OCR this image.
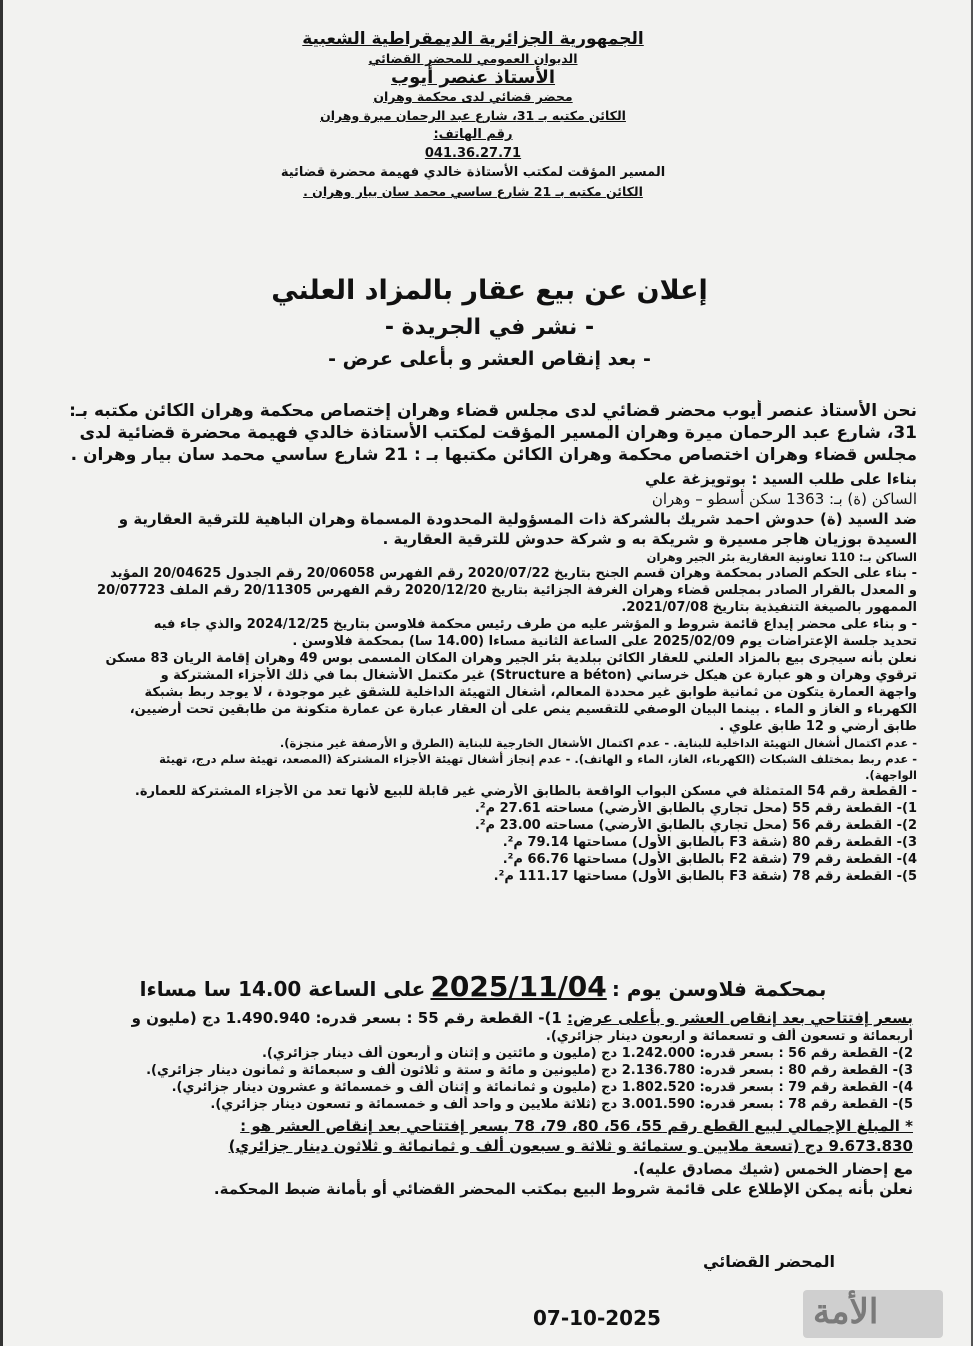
الجمهورية الجزائرية الديمقراطية الشعبية
الديوان العمومي للمحضر القضائي
الأستاذ عنصر أيوب
محضر قضائي لدى محكمة وهران
الكائن مكتبه بـ 31، شارع عبد الرحمان ميرة وهران
رقم الهاتف:
041.36.27.71
المسير المؤقت لمكتب الأستاذة خالدي فهيمة محضرة قضائية
الكائن مكتبه بـ 21 شارع ساسي محمد سان بيار وهران .
إعلان عن بيع عقار بالمزاد العلني
- نشر في الجريدة -
- بعد إنقاص العشر و بأعلى عرض -

نحن الأستاذ عنصر أيوب محضر قضائي لدى مجلس قضاء وهران إختصاص محكمة وهران الكائن مكتبه بـ:

31، شارع عبد الرحمان ميرة وهران المسير المؤقت لمكتب الأستاذة خالدي فهيمة محضرة قضائية لدى

مجلس قضاء وهران اختصاص محكمة وهران الكائن مكتبها بـ : 21 شارع ساسي محمد سان بيار وهران .

بناءا على طلب السيد : بوتويزغة علي

الساكن (ة) بـ: 1363 سكن أسطو – وهران

ضد السيد (ة) حدوش احمد شريك بالشركة ذات المسؤولية المحدودة المسماة وهران الباهية للترقية العقارية و

السيدة بوزيان هاجر مسيرة و شريكة به و شركة حدوش للترقية العقارية .

الساكن بـ: 110 تعاونية العقارية بئر الجير وهران

- بناء على الحكم الصادر بمحكمة وهران قسم الجنح بتاريخ 2020/07/22 رقم الفهرس 20/06058 رقم الجدول 20/04625 المؤيد

و المعدل بالقرار الصادر بمجلس قضاء وهران الغرفة الجزائية بتاريخ 2020/12/20 رقم الفهرس 20/11305 رقم الملف 20/07723

الممهور بالصيغة التنفيذية بتاريخ 2021/07/08.

- و بناء على محضر إيداع قائمة شروط و المؤشر عليه من طرف رئيس محكمة فلاوسن بتاريخ 2024/12/25 والذي جاء فيه

تحديد جلسة الإعتراضات يوم 2025/02/09 على الساعة الثانية مساءا (14.00 سا) بمحكمة فلاوسن .

نعلن بأنه سيجرى بيع بالمزاد العلني للعقار الكائن ببلدية بئر الجير وهران المكان المسمى بوس 49 وهران إقامة الريان 83 مسكن

ترقوي وهران و هو عبارة عن هيكل خرساني (Structure a béton) غير مكتمل الأشغال بما في ذلك الأجزاء المشتركة و

واجهة العمارة يتكون من ثمانية طوابق غير محددة المعالم، أشغال التهيئة الداخلية للشقق غير موجودة ، لا يوجد ربط بشبكة

الكهرباء و الغاز و الماء . بينما البيان الوصفي للتقسيم ينص على أن العقار عبارة عن عمارة متكونة من طابقين تحت أرضيين،

طابق أرضي و 12 طابق علوي .

- عدم اكتمال أشغال التهيئة الداخلية للبناية. - عدم اكتمال الأشغال الخارجية للبناية (الطرق و الأرصفة غير منجزة).

- عدم ربط بمختلف الشبكات (الكهرباء، الغاز، الماء و الهاتف). - عدم إنجاز أشغال تهيئة الأجزاء المشتركة (المصعد، تهيئة سلم درج، تهيئة

الواجهة).

- القطعة رقم 54 المتمثلة في مسكن البواب الواقعة بالطابق الأرضي غير قابلة للبيع لأنها تعد من الأجزاء المشتركة للعمارة.

1)- القطعة رقم 55 (محل تجاري بالطابق الأرضي) مساحته 27.61 م².

2)- القطعة رقم 56 (محل تجاري بالطابق الأرضي) مساحته 23.00 م².

3)- القطعة رقم 80 (شقة F3 بالطابق الأول) مساحتها 79.14 م².

4)- القطعة رقم 79 (شقة F2 بالطابق الأول) مساحتها 66.76 م².

5)- القطعة رقم 78 (شقة F3 بالطابق الأول) مساحتها 111.17 م².

بمحكمة فلاوسن يوم : 2025/11/04 على الساعة 14.00 سا مساءا

بسعر إفتتاحي بعد إنقاص العشر و بأعلى عرض: 1)- القطعة رقم 55 : بسعر قدره: 1.490.940 دج (مليون و

أربعمائة و تسعون ألف و تسعمائة و اربعون دينار جزائري).

2)- القطعة رقم 56 : بسعر قدره: 1.242.000 دج (مليون و مائتين و إثنان و أربعون ألف دينار جزائري).

3)- القطعة رقم 80 : بسعر قدره: 2.136.780 دج (مليونين و مائة و ستة و ثلاثون ألف و سبعمائة و ثمانون دينار جزائري).

4)- القطعة رقم 79 : بسعر قدره: 1.802.520 دج (مليون و ثمانمائة و إثنان ألف و خمسمائة و عشرون دينار جزائري).

5)- القطعة رقم 78 : بسعر قدره: 3.001.590 دج (ثلاثة ملايين و واحد ألف و خمسمائة و تسعون دينار جزائري).

* المبلغ الإجمالي لبيع القطع رقم 55، 56، 80، 79، 78 بسعر إفتتاحي بعد إنقاص العشر هو :

9.673.830 دج (تسعة ملايين و ستمائة و ثلاثة و سبعون ألف و ثمانمائة و ثلاثون دينار جزائري)

مع إحضار الخمس (شيك مصادق عليه).

نعلن بأنه يمكن الإطلاع على قائمة شروط البيع بمكتب المحضر القضائي أو بأمانة ضبط المحكمة.

المحضر القضائي
07-10-2025	الأمة
